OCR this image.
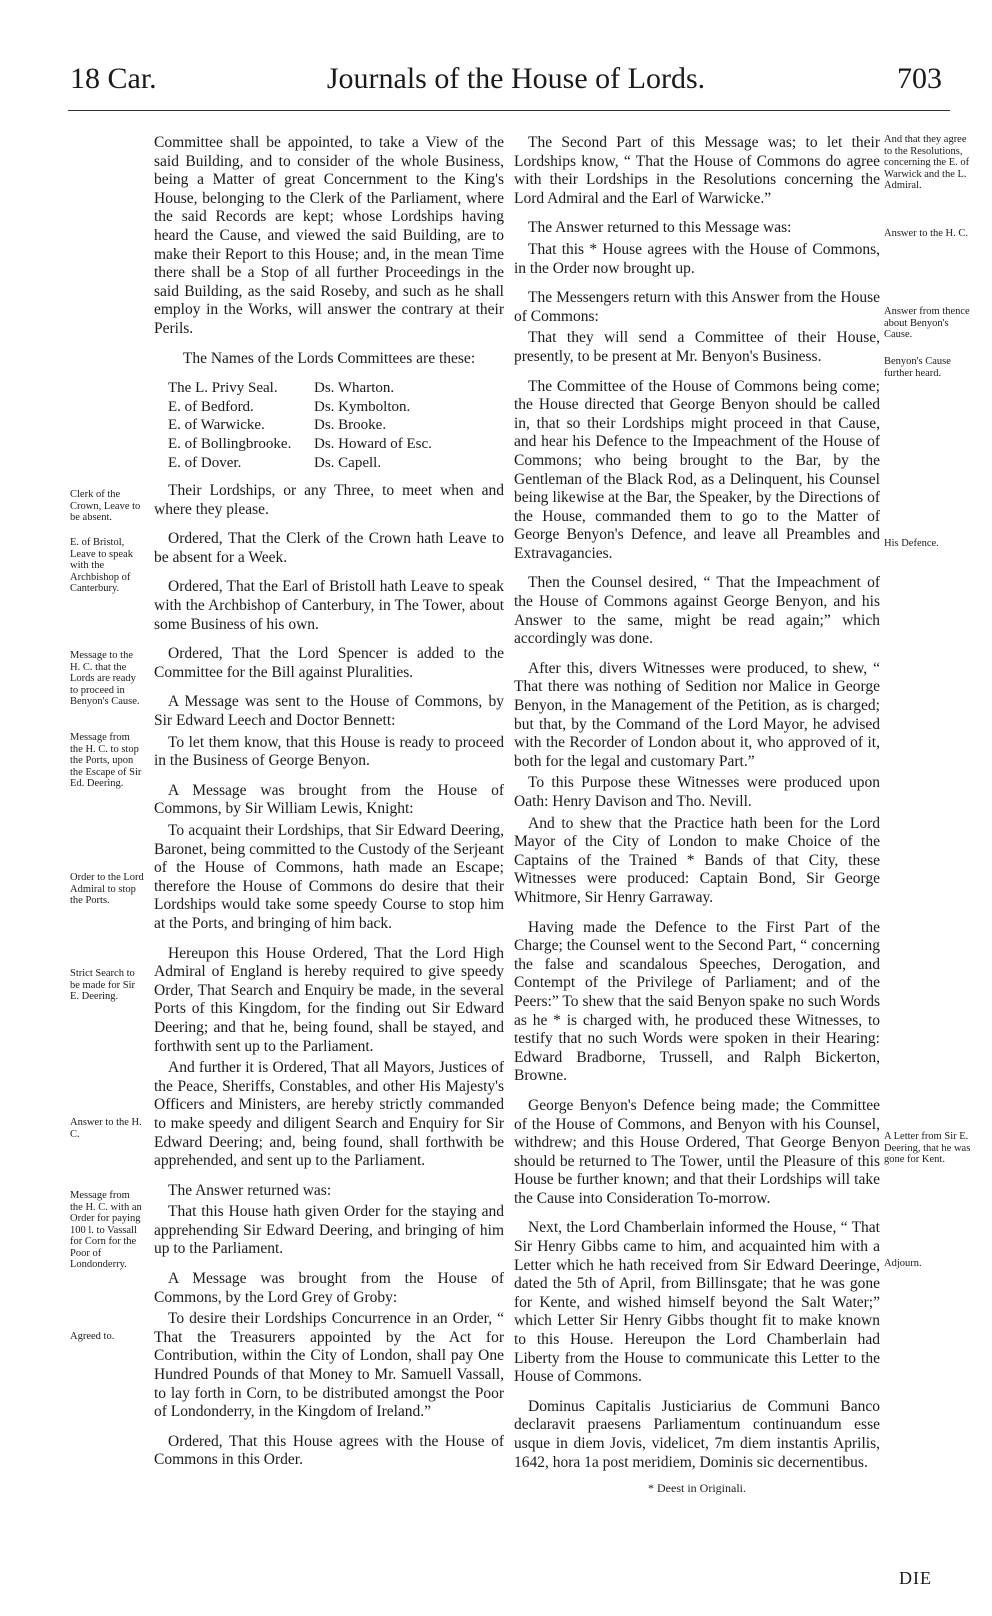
18 Car.	Journals of the House of Lords.	703

Committee shall be appointed, to take a View of the said Building, and to consider of the whole Business, being a Matter of great Concernment to the King's House, belonging to the Clerk of the Parliament, where the said Records are kept; whose Lordships having heard the Cause, and viewed the said Building, are to make their Report to this House; and, in the mean Time there shall be a Stop of all further Proceedings in the said Building, as the said Roseby, and such as he shall employ in the Works, will answer the contrary at their Perils.

The Names of the Lords Committees are these:

The L. Privy Seal.
E. of Bedford.
E. of Warwicke.
E. of Bollingbrooke.
E. of Dover.
Ds. Wharton.
Ds. Kymbolton.
Ds. Brooke.
Ds. Howard of Esc.
Ds. Capell.

Their Lordships, or any Three, to meet when and where they please.

Ordered, That the Clerk of the Crown hath Leave to be absent for a Week.

Ordered, That the Earl of Bristoll hath Leave to speak with the Archbishop of Canterbury, in The Tower, about some Business of his own.

Ordered, That the Lord Spencer is added to the Committee for the Bill against Pluralities.

A Message was sent to the House of Commons, by Sir Edward Leech and Doctor Bennett:

To let them know, that this House is ready to proceed in the Business of George Benyon.

A Message was brought from the House of Commons, by Sir William Lewis, Knight:

To acquaint their Lordships, that Sir Edward Deering, Baronet, being committed to the Custody of the Serjeant of the House of Commons, hath made an Escape; therefore the House of Commons do desire that their Lordships would take some speedy Course to stop him at the Ports, and bringing of him back.

Hereupon this House Ordered, That the Lord High Admiral of England is hereby required to give speedy Order, That Search and Enquiry be made, in the several Ports of this Kingdom, for the finding out Sir Edward Deering; and that he, being found, shall be stayed, and forthwith sent up to the Parliament.

And further it is Ordered, That all Mayors, Justices of the Peace, Sheriffs, Constables, and other His Majesty's Officers and Ministers, are hereby strictly commanded to make speedy and diligent Search and Enquiry for Sir Edward Deering; and, being found, shall forthwith be apprehended, and sent up to the Parliament.

The Answer returned was:

That this House hath given Order for the staying and apprehending Sir Edward Deering, and bringing of him up to the Parliament.

A Message was brought from the House of Commons, by the Lord Grey of Groby:

To desire their Lordships Concurrence in an Order, “ That the Treasurers appointed by the Act for Contribution, within the City of London, shall pay One Hundred Pounds of that Money to Mr. Samuell Vassall, to lay forth in Corn, to be distributed amongst the Poor of Londonderry, in the Kingdom of Ireland.”

Ordered, That this House agrees with the House of Commons in this Order.

The Second Part of this Message was; to let their Lordships know, “ That the House of Commons do agree with their Lordships in the Resolutions concerning the Lord Admiral and the Earl of Warwicke.”

The Answer returned to this Message was:

That this * House agrees with the House of Commons, in the Order now brought up.

The Messengers return with this Answer from the House of Commons:

That they will send a Committee of their House, presently, to be present at Mr. Benyon's Business.

The Committee of the House of Commons being come; the House directed that George Benyon should be called in, that so their Lordships might proceed in that Cause, and hear his Defence to the Impeachment of the House of Commons; who being brought to the Bar, by the Gentleman of the Black Rod, as a Delinquent, his Counsel being likewise at the Bar, the Speaker, by the Directions of the House, commanded them to go to the Matter of George Benyon's Defence, and leave all Preambles and Extravagancies.

Then the Counsel desired, “ That the Impeachment of the House of Commons against George Benyon, and his Answer to the same, might be read again;” which accordingly was done.

After this, divers Witnesses were produced, to shew, “ That there was nothing of Sedition nor Malice in George Benyon, in the Management of the Petition, as is charged; but that, by the Command of the Lord Mayor, he advised with the Recorder of London about it, who approved of it, both for the legal and customary Part.”

To this Purpose these Witnesses were produced upon Oath: Henry Davison and Tho. Nevill.

And to shew that the Practice hath been for the Lord Mayor of the City of London to make Choice of the Captains of the Trained * Bands of that City, these Witnesses were produced: Captain Bond, Sir George Whitmore, Sir Henry Garraway.

Having made the Defence to the First Part of the Charge; the Counsel went to the Second Part, “ concerning the false and scandalous Speeches, Derogation, and Contempt of the Privilege of Parliament; and of the Peers:” To shew that the said Benyon spake no such Words as he * is charged with, he produced these Witnesses, to testify that no such Words were spoken in their Hearing: Edward Bradborne, Trussell, and Ralph Bickerton, Browne.

George Benyon's Defence being made; the Committee of the House of Commons, and Benyon with his Counsel, withdrew; and this House Ordered, That George Benyon should be returned to The Tower, until the Pleasure of this House be further known; and that their Lordships will take the Cause into Consideration To-morrow.

Next, the Lord Chamberlain informed the House, “ That Sir Henry Gibbs came to him, and acquainted him with a Letter which he hath received from Sir Edward Deeringe, dated the 5th of April, from Billinsgate; that he was gone for Kente, and wished himself beyond the Salt Water;” which Letter Sir Henry Gibbs thought fit to make known to this House. Hereupon the Lord Chamberlain had Liberty from the House to communicate this Letter to the House of Commons.

Dominus Capitalis Justiciarius de Communi Banco declaravit praesens Parliamentum continuandum esse usque in diem Jovis, videlicet, 7m diem instantis Aprilis, 1642, hora 1a post meridiem, Dominis sic decernentibus.

* Deest in Originali.
Clerk of the Crown, Leave to be absent.
E. of Bristol, Leave to speak with the Archbishop of Canterbury.
Message to the H. C. that the Lords are ready to proceed in Benyon's Cause.
Message from the H. C. to stop the Ports, upon the Escape of Sir Ed. Deering.
Order to the Lord Admiral to stop the Ports.
Strict Search to be made for Sir E. Deering.
Answer to the H. C.
Message from the H. C. with an Order for paying 100 l. to Vassall for Corn for the Poor of Londonderry.
Agreed to.
And that they agree to the Resolutions, concerning the E. of Warwick and the L. Admiral.
Answer to the H. C.
Answer from thence about Benyon's Cause.
Benyon's Cause further heard.
His Defence.
A Letter from Sir E. Deering, that he was gone for Kent.
Adjourn.
DIE
